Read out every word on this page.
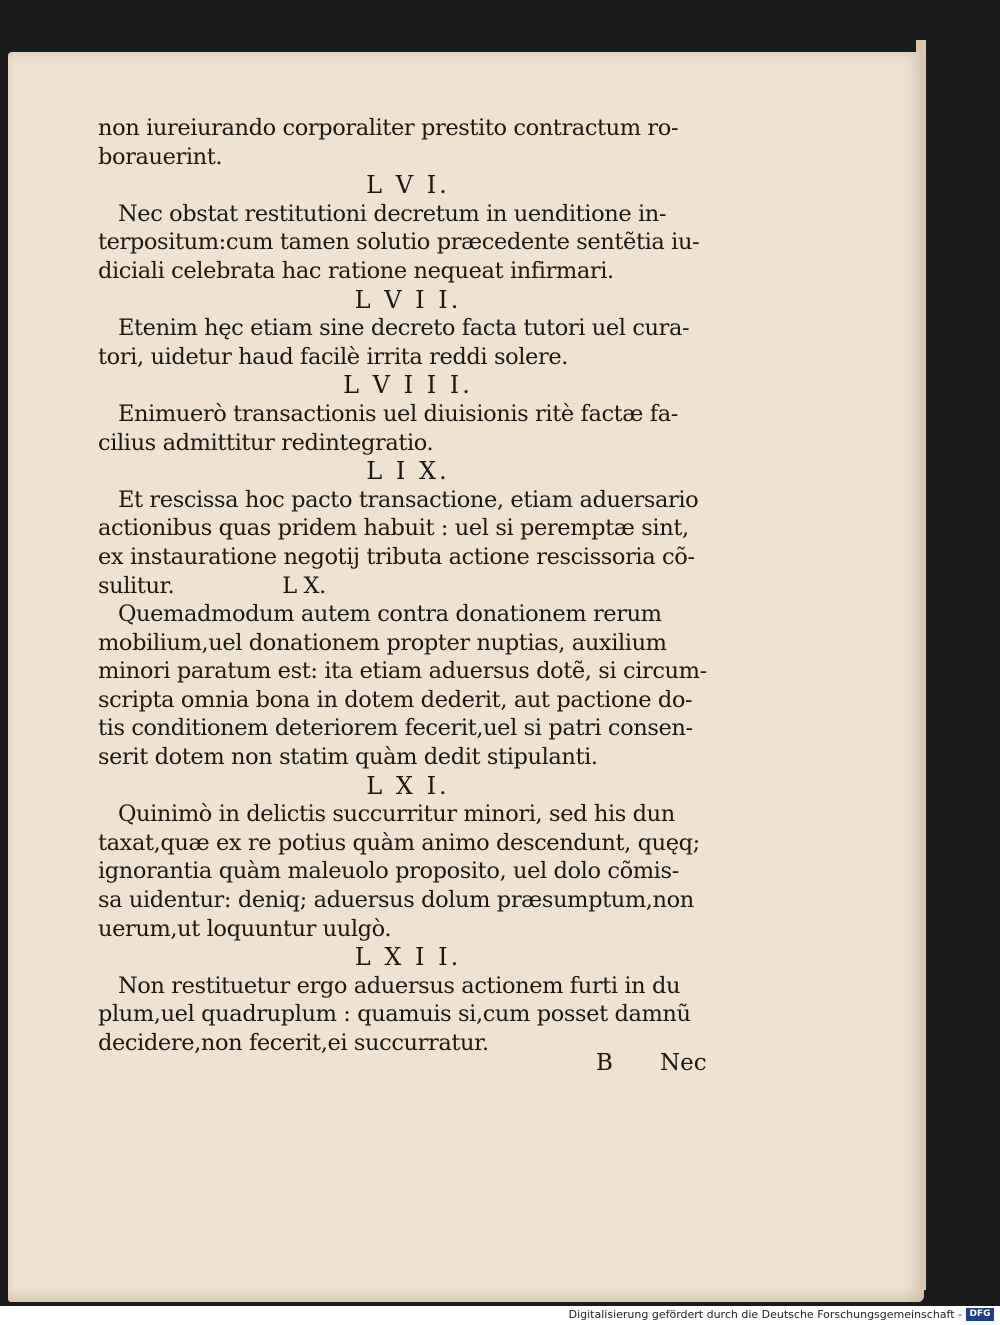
non iureiurando corporaliter prestito contractum ro-
borauerint.
L V I.
Nec obstat restitutioni decretum in uenditione in-
terpositum:cum tamen solutio præcedente sentẽtia iu-
diciali celebrata hac ratione nequeat infirmari.
L V I I.
Etenim hęc etiam sine decreto facta tutori uel cura-
tori, uidetur haud facilè irrita reddi solere.
L V I I I.
Enimuerò transactionis uel diuisionis ritè factæ fa-
cilius admittitur redintegratio.
L I X.
Et rescissa hoc pacto transactione, etiam aduersario
actionibus quas pridem habuit : uel si peremptæ sint,
ex instauratione negotij tributa actione rescissoria cõ-
sulitur.                L X.
Quemadmodum autem contra donationem rerum
mobilium,uel donationem propter nuptias, auxilium
minori paratum est: ita etiam aduersus dotẽ, si circum-
scripta omnia bona in dotem dederit, aut pactione do-
tis conditionem deteriorem fecerit,uel si patri consen-
serit dotem non statim quàm dedit stipulanti.
L X I.
Quinimò in delictis succurritur minori, sed his dun
taxat,quæ ex re potius quàm animo descendunt, quęq;
ignorantia quàm maleuolo proposito, uel dolo cõmis-
sa uidentur: deniq; aduersus dolum præsumptum,non
uerum,ut loquuntur uulgò.
L X I I.
Non restituetur ergo aduersus actionem furti in du
plum,uel quadruplum : quamuis si,cum posset damnũ
decidere,non fecerit,ei succurratur.
B Nec
Digitalisierung gefördert durch die Deutsche Forschungsgemeinschaft - DFG
